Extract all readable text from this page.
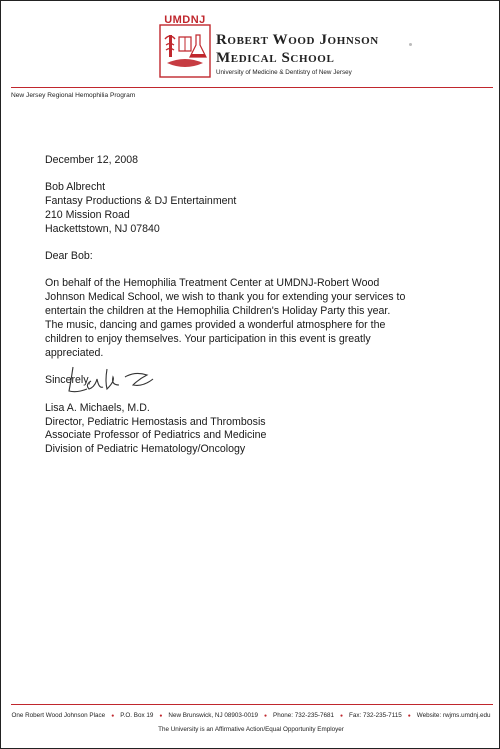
UMDNJ
Robert Wood Johnson
Medical School
University of Medicine & Dentistry of New Jersey
New Jersey Regional Hemophilia Program
December 12, 2008
Bob Albrecht
Fantasy Productions & DJ Entertainment
210 Mission Road
Hackettstown, NJ 07840
Dear Bob:

On behalf of the Hemophilia Treatment Center at UMDNJ-Robert Wood

Johnson Medical School, we wish to thank you for extending your services to

entertain the children at the Hemophilia Children's Holiday Party this year.

The music, dancing and games provided a wonderful atmosphere for the

children to enjoy themselves. Your participation in this event is greatly

appreciated.

Sincerely,
Lisa A. Michaels, M.D.
Director, Pediatric Hemostasis and Thrombosis
Associate Professor of Pediatrics and Medicine
Division of Pediatric Hematology/Oncology
One Robert Wood Johnson Place ● P.O. Box 19 ● New Brunswick, NJ 08903-0019 ● Phone: 732-235-7681 ● Fax: 732-235-7115 ● Website: rwjms.umdnj.edu
The University is an Affirmative Action/Equal Opportunity Employer
